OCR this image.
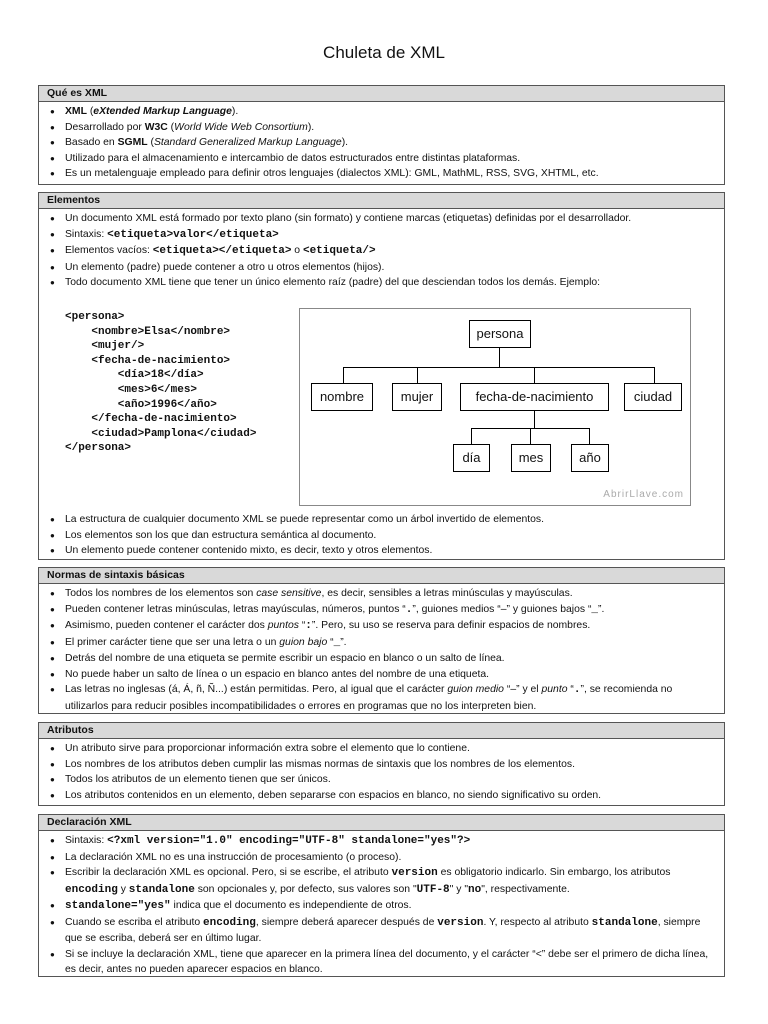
Chuleta de XML
Qué es XML
● XML (eXtended Markup Language).
● Desarrollado por W3C (World Wide Web Consortium).
● Basado en SGML (Standard Generalized Markup Language).
● Utilizado para el almacenamiento e intercambio de datos estructurados entre distintas plataformas.
● Es un metalenguaje empleado para definir otros lenguajes (dialectos XML): GML, MathML, RSS, SVG, XHTML, etc.
Elementos
● Un documento XML está formado por texto plano (sin formato) y contiene marcas (etiquetas) definidas por el desarrollador.
● Sintaxis: <etiqueta>valor</etiqueta>
● Elementos vacíos: <etiqueta></etiqueta> o <etiqueta/>
● Un elemento (padre) puede contener a otro u otros elementos (hijos).
● Todo documento XML tiene que tener un único elemento raíz (padre) del que desciendan todos los demás. Ejemplo:
<persona>
<nombre>Elsa</nombre>
<mujer/>
<fecha-de-nacimiento>
<día>18</día>
<mes>6</mes>
<año>1996</año>
</fecha-de-nacimiento>
<ciudad>Pamplona</ciudad>
</persona>
persona
nombre	mujer	fecha-de-nacimiento	ciudad
día	mes	año
AbrirLlave.com
● La estructura de cualquier documento XML se puede representar como un árbol invertido de elementos.
● Los elementos son los que dan estructura semántica al documento.
● Un elemento puede contener contenido mixto, es decir, texto y otros elementos.
Normas de sintaxis básicas
● Todos los nombres de los elementos son case sensitive, es decir, sensibles a letras minúsculas y mayúsculas.
● Pueden contener letras minúsculas, letras mayúsculas, números, puntos “.”, guiones medios “–” y guiones bajos “_”.
● Asimismo, pueden contener el carácter dos puntos “:”. Pero, su uso se reserva para definir espacios de nombres.
● El primer carácter tiene que ser una letra o un guion bajo “_”.
● Detrás del nombre de una etiqueta se permite escribir un espacio en blanco o un salto de línea.
● No puede haber un salto de línea o un espacio en blanco antes del nombre de una etiqueta.
● Las letras no inglesas (á, Á, ñ, Ñ...) están permitidas. Pero, al igual que el carácter guion medio “–” y el punto “.”, se recomienda no utilizarlos para reducir posibles incompatibilidades o errores en programas que no los interpreten bien.
Atributos
● Un atributo sirve para proporcionar información extra sobre el elemento que lo contiene.
● Los nombres de los atributos deben cumplir las mismas normas de sintaxis que los nombres de los elementos.
● Todos los atributos de un elemento tienen que ser únicos.
● Los atributos contenidos en un elemento, deben separarse con espacios en blanco, no siendo significativo su orden.
Declaración XML
● Sintaxis: <?xml version="1.0" encoding="UTF-8" standalone="yes"?>
● La declaración XML no es una instrucción de procesamiento (o proceso).
● Escribir la declaración XML es opcional. Pero, si se escribe, el atributo version es obligatorio indicarlo. Sin embargo, los atributos encoding y standalone son opcionales y, por defecto, sus valores son "UTF-8" y "no", respectivamente.
● standalone="yes" indica que el documento es independiente de otros.
● Cuando se escriba el atributo encoding, siempre deberá aparecer después de version. Y, respecto al atributo standalone, siempre que se escriba, deberá ser en último lugar.
● Si se incluye la declaración XML, tiene que aparecer en la primera línea del documento, y el carácter “<” debe ser el primero de dicha línea, es decir, antes no pueden aparecer espacios en blanco.
